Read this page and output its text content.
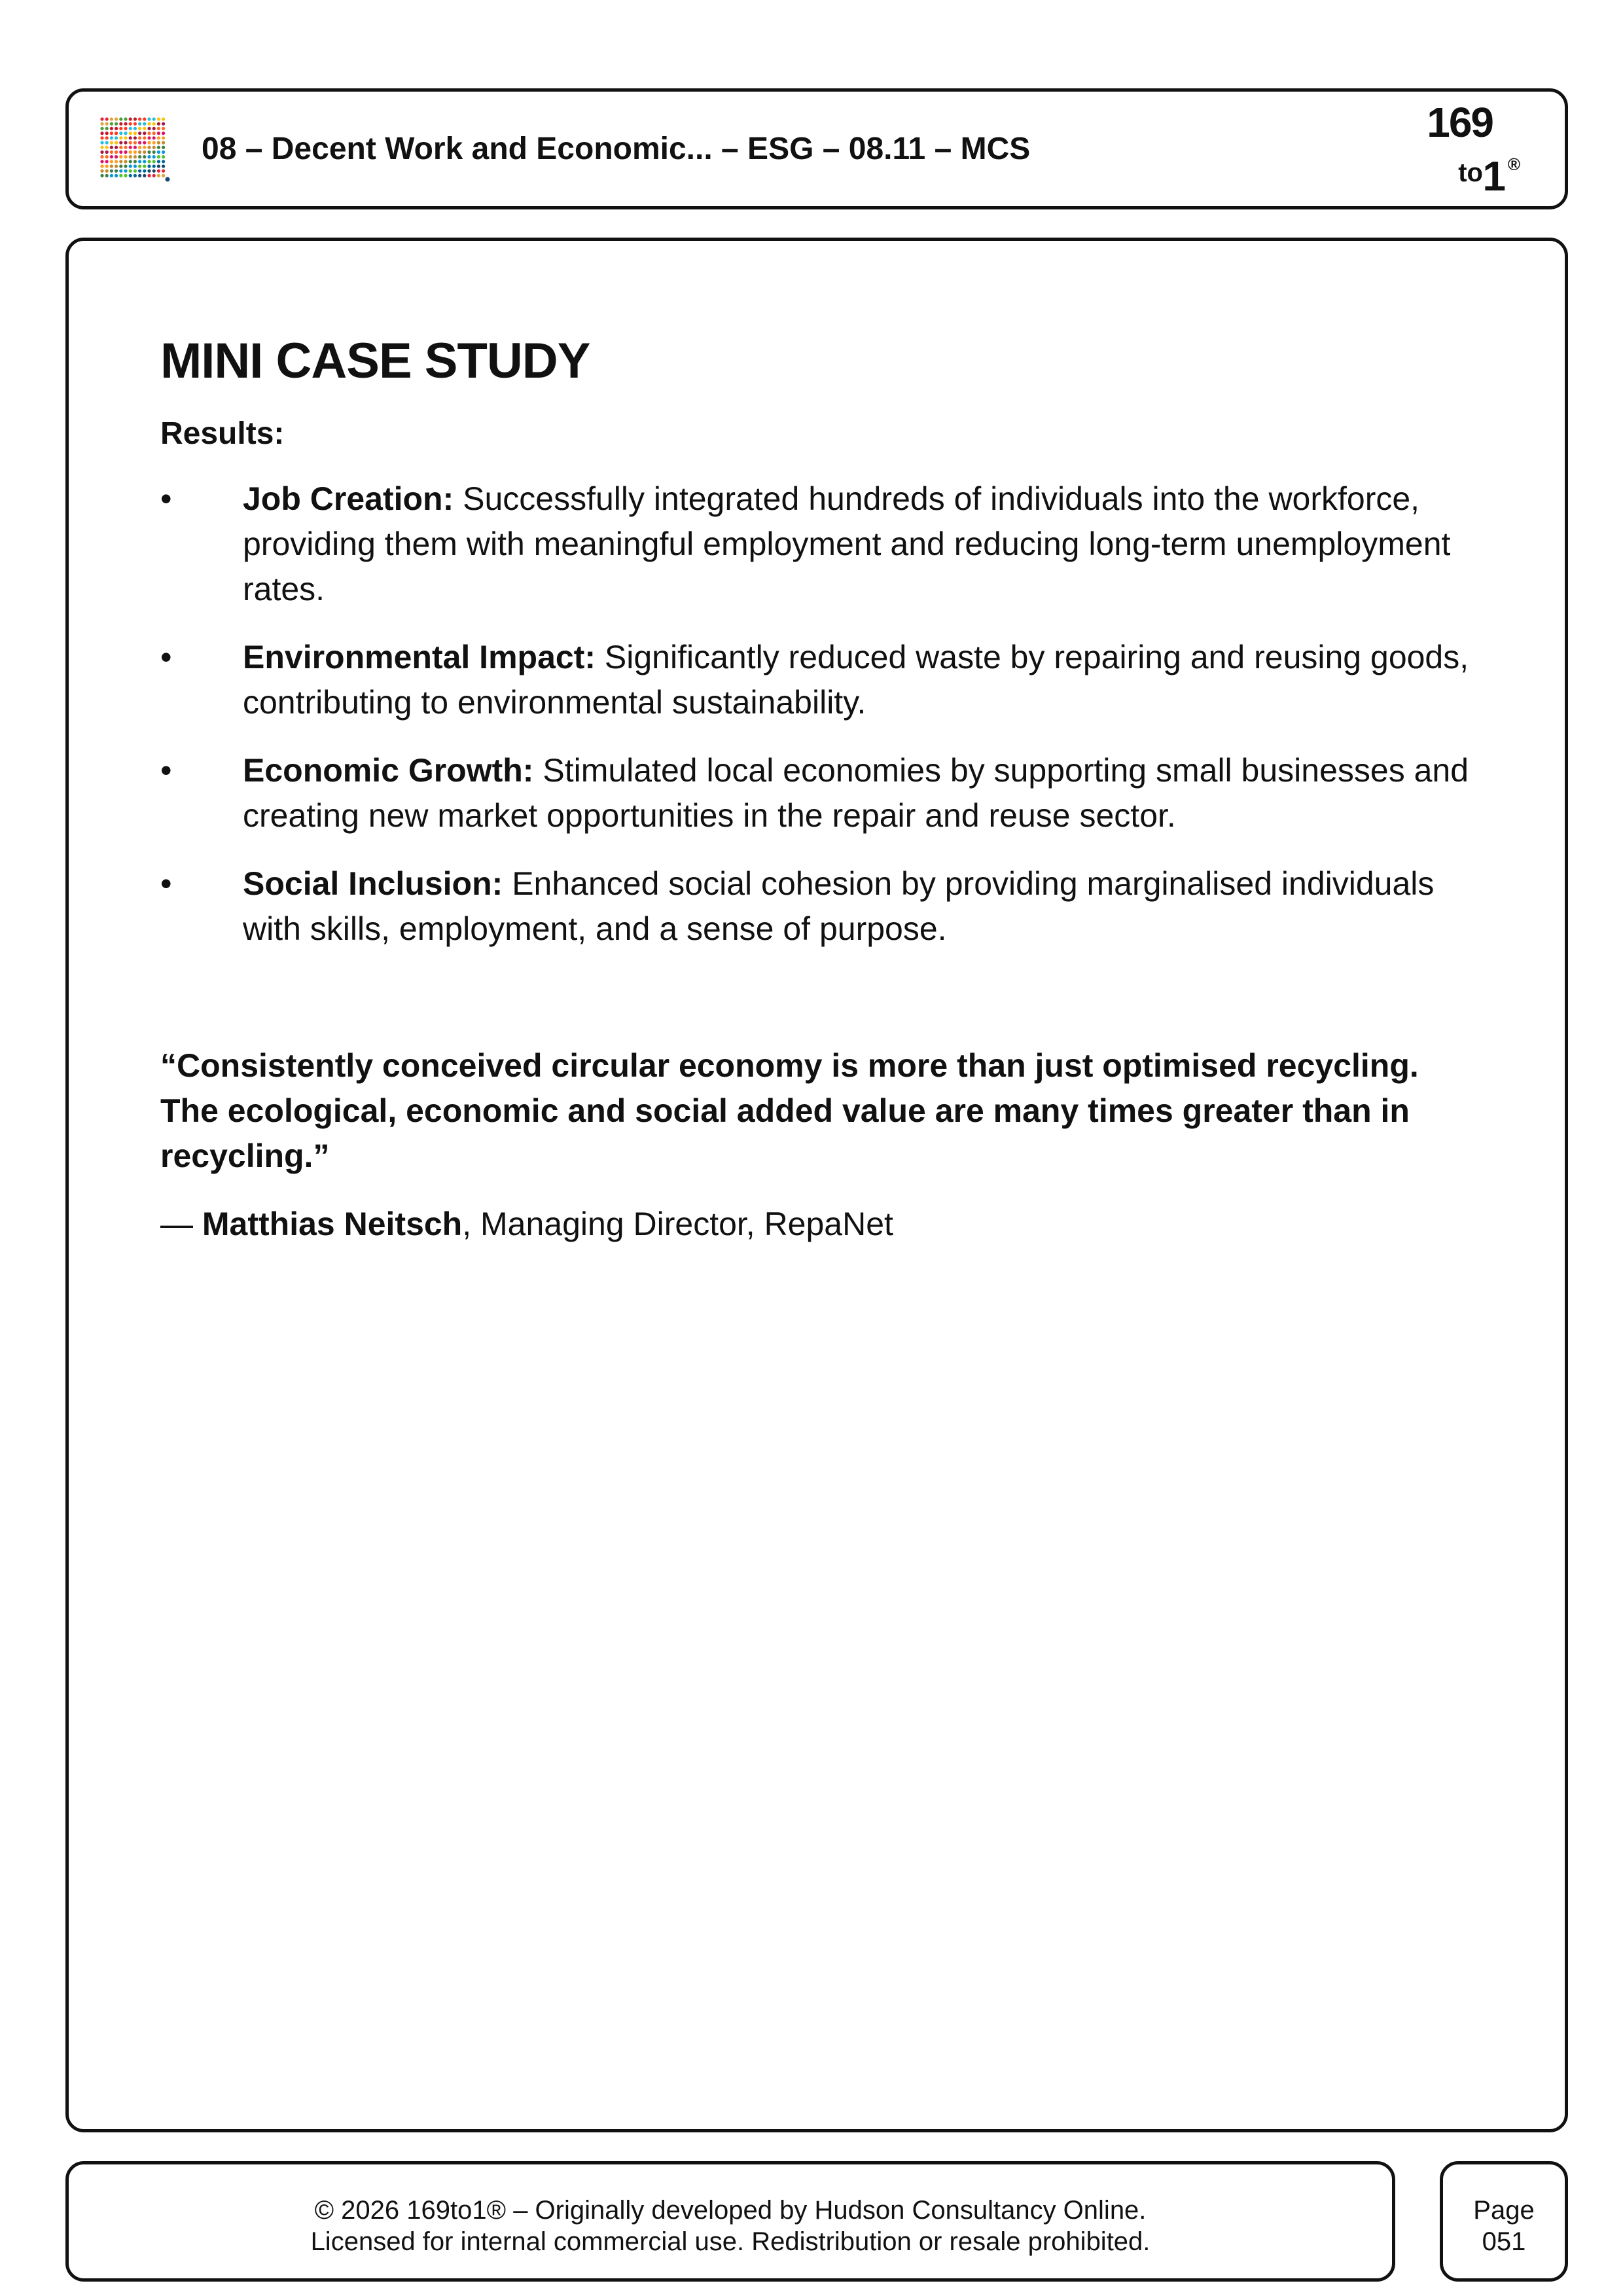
08 – Decent Work and Economic... – ESG – 08.11 – MCS
169
to 1 ®
MINI CASE STUDY
Results:
• Job Creation: Successfully integrated hundreds of individuals into the workforce, providing them with meaningful employment and reducing long-term unemployment rates.
• Environmental Impact: Significantly reduced waste by repairing and reusing goods, contributing to environmental sustainability.
• Economic Growth: Stimulated local economies by supporting small businesses and creating new market opportunities in the repair and reuse sector.
• Social Inclusion: Enhanced social cohesion by providing marginalised individuals with skills, employment, and a sense of purpose.
“Consistently conceived circular economy is more than just optimised recycling. The ecological, economic and social added value are many times greater than in recycling.”
— Matthias Neitsch, Managing Director, RepaNet
© 2026 169to1® – Originally developed by Hudson Consultancy Online.
Licensed for internal commercial use. Redistribution or resale prohibited.
Page
051
